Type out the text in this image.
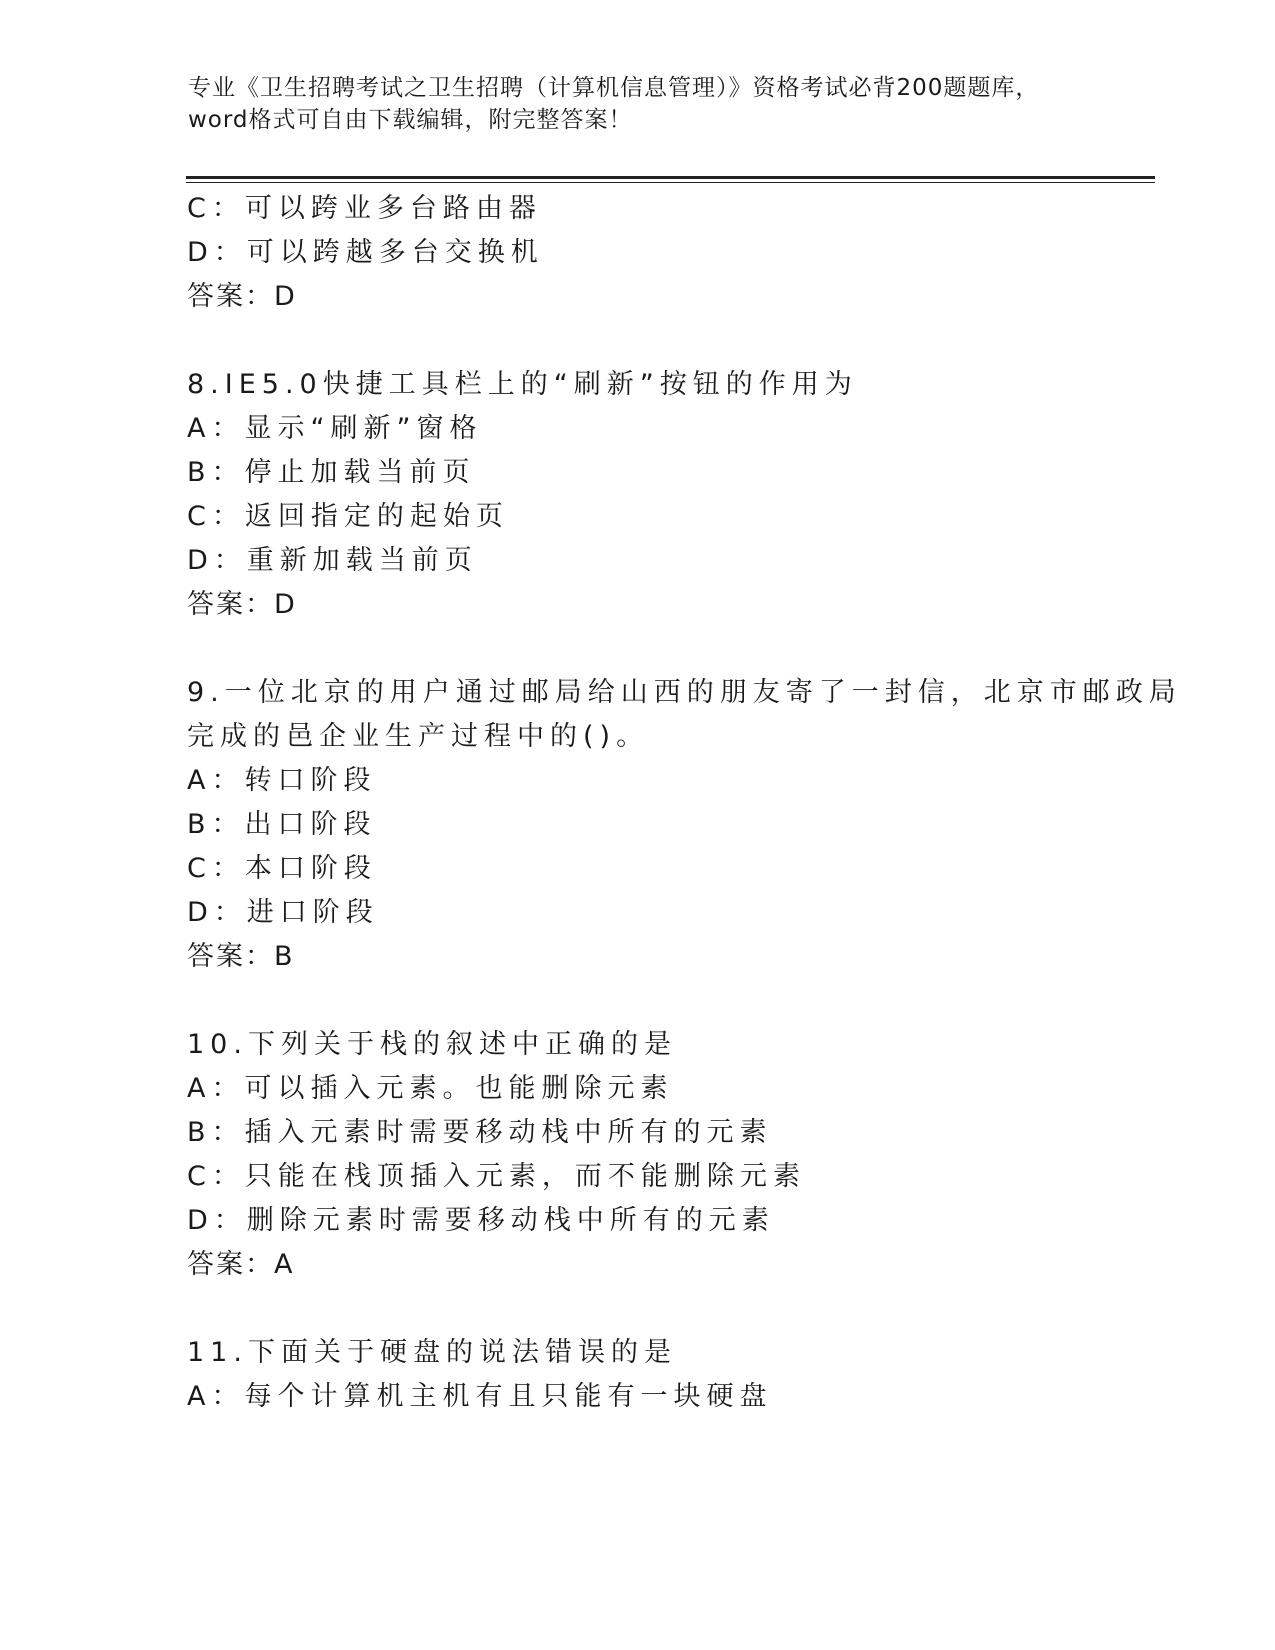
专业《卫生招聘考试之卫生招聘（计算机信息管理）》资格考试必背200题题库，
word格式可自由下载编辑，附完整答案！
C：可以跨业多台路由器
D：可以跨越多台交换机
答案：D
8.IE5.0快捷工具栏上的“刷新”按钮的作用为
A：显示“刷新”窗格
B：停止加载当前页
C：返回指定的起始页
D：重新加载当前页
答案：D
9.一位北京的用户通过邮局给山西的朋友寄了一封信，北京市邮政局
完成的邑企业生产过程中的()。
A：转口阶段
B：出口阶段
C：本口阶段
D：进口阶段
答案：B
10.下列关于栈的叙述中正确的是
A：可以插入元素。也能删除元素
B：插入元素时需要移动栈中所有的元素
C：只能在栈顶插入元素，而不能删除元素
D：删除元素时需要移动栈中所有的元素
答案：A
11.下面关于硬盘的说法错误的是
A：每个计算机主机有且只能有一块硬盘
